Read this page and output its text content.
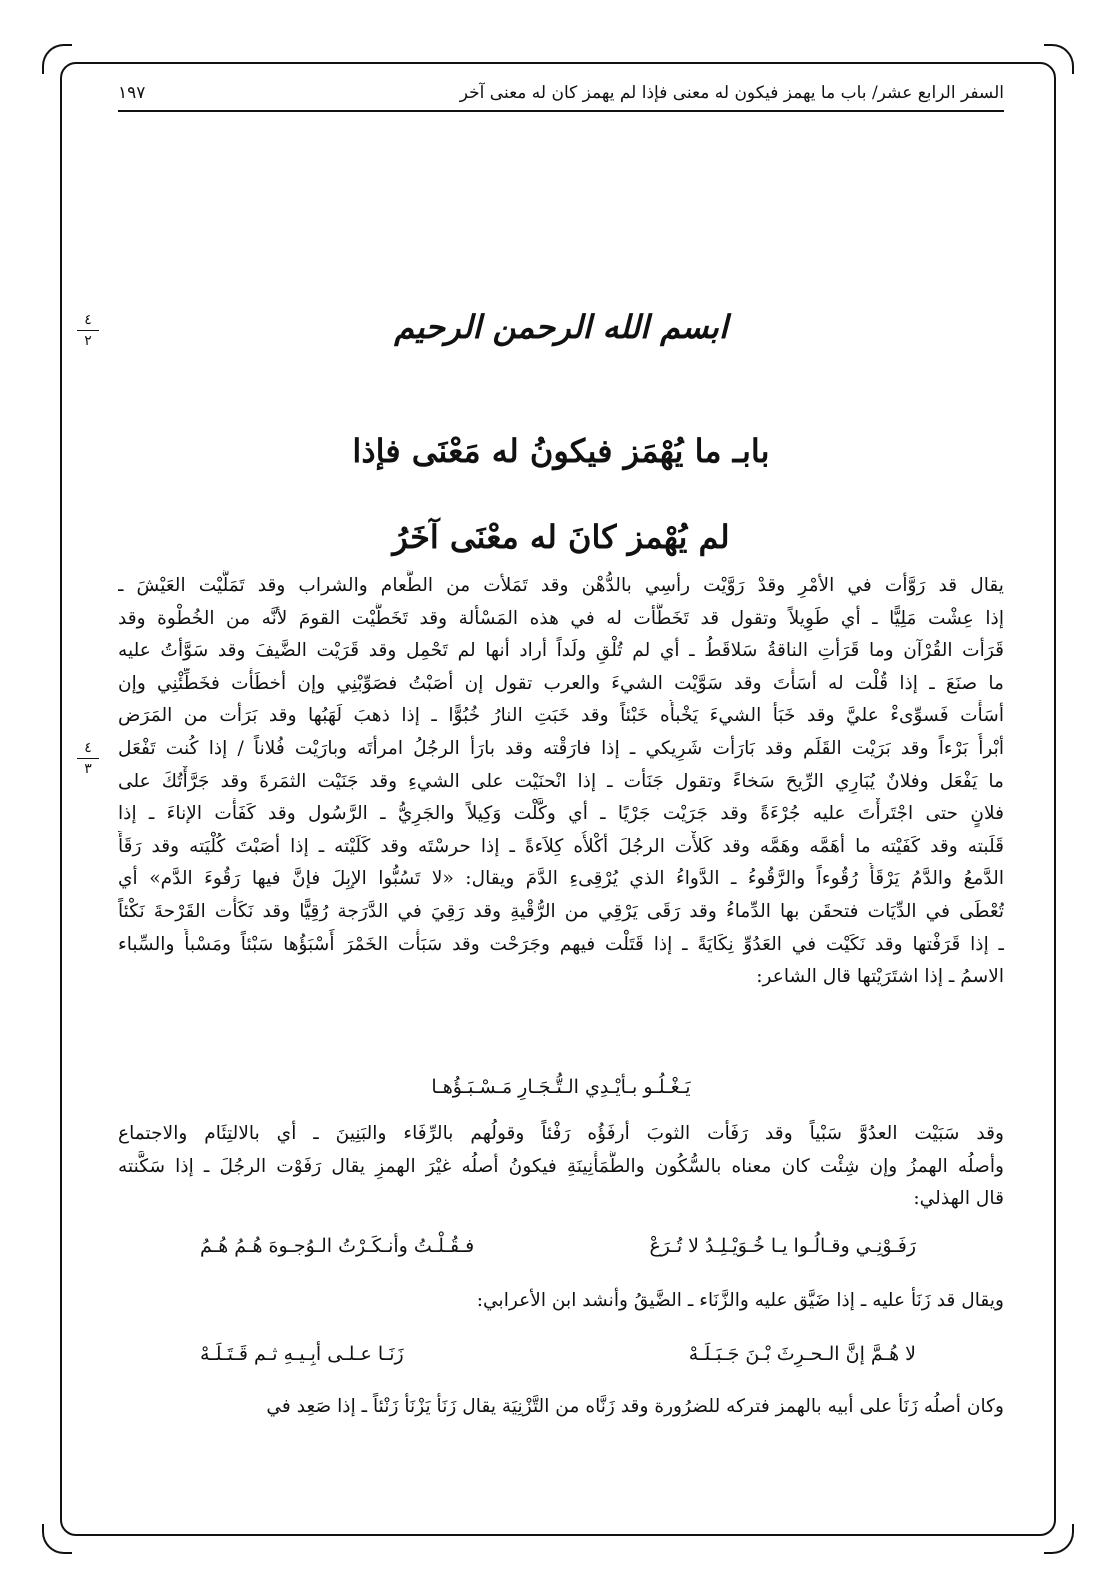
السفر الرابع عشر/ باب ما يهمز فيكون له معنى فإذا لم يهمز كان له معنى آخر
١٩٧
٤
٢
٤
٣
ابسم الله الرحمن الرحيم
بابـ ما يُهْمَز فيكونُ له مَعْنَى فإذا
لم يُهْمز كانَ له معْنَى آخَرُ
يقال قد رَوَّأت في الأمْرِ وقدْ رَوَّيْت رأسِي بالدُّهْن وقد تَمَلأت من الطَّعام والشراب وقد تَمَلَّيْت العَيْشَ ـ
إذا عِشْت مَلِيًّا ـ أي طَوِيلاً وتقول قد تَخَطَّأت له في هذه المَسْألة وقد تَخَطَّيْت القومَ لأنَّه من الخُطْوة وقد
قَرَأت القُرْآن وما قَرَأتِ الناقةُ سَلاقَطُ ـ أي لم تُلْقِ ولَداً أراد أنها لم تَحْمِل وقد قَرَيْت الضَّيفَ وقد سَوَّأتُ عليه
ما صنَعَ ـ إذا قُلْت له أسَأْتَ وقد سَوَّيْت الشيءَ والعرب تقول إن أصَبْتُ فصَوِّبْنِي وإن أخطَأْت فخَطِّئْنِي وإن
أسَأْت فَسوِّىءْ عليَّ وقد خَبَأ الشيءَ يَخْبأُه خَبْئاً وقد خَبَتِ النارُ خُبُوًّا ـ إذا ذهبَ لَهَبُها وقد بَرَأت من المَرَض
أبْرأُ بَرْءاً وقد بَرَيْت القَلَم وقد بَارَأت شَرِيكي ـ إذا فارَقْته وقد بارَأ الرجُلُ امرأتَه وبارَيْت فُلاناً / إذا كُنت تَفْعَل
ما يَفْعَل وفلانٌ يُبَارِي الرِّيحَ سَخاءً وتقول جَنَأت ـ إذا انْحنَيْت على الشيءِ وقد جَنَيْت الثمَرةَ وقد جَرَّأْتُكَ على
فلانٍ حتى اجْتَرأْتَ عليه جُرْءَةً وقد جَرَيْت جَرْيًا ـ أي وكَّلْت وَكِيلاً والجَرِيُّ ـ الرَّسُول وقد كَفَأْت الإناءَ ـ إذا
قَلَبته وقد كَفَيْته ما أهَمَّه وهَمَّه وقد كَلأْت الرجُلَ أكْلأُه كِلاَءةً ـ إذا حرسْتَه وقد كَلَيْته ـ إذا أصَبْتَ كُلْيَته وقد رَقَأَ
الدَّمعُ والدَّمُ يَرْقَأُ رُقُوءاً والرَّقُوءُ ـ الدَّواءُ الذي يُرْقِىءِ الدَّمَ ويقال: «لا تَسُبُّوا الإبِلَ فإنَّ فيها رَقُوءَ الدَّم» أي
تُعْطَى في الدِّيَات فتحقَن بها الدِّماءُ وقد رَقَى يَرْقِي من الرُّقْيةِ وقد رَقِيَ في الدَّرَجة رُقِيًّا وقد نَكَأْت القَرْحةَ نَكْئاً
ـ إذا قَرَفْتها وقد نَكَيْت في العَدُوِّ نِكَايَةً ـ إذا قَتَلْت فيهم وجَرَحْت وقد سَبَأْت الخَمْرَ أَسْبَؤُها سَبْئاً ومَسْبأً والسِّباء
الاسمُ ـ إذا اشتَرَيْتها قال الشاعر:
يَـغْـلُـو بـأيْـدِي الـتُّـجَـارِ مَـسْـبَـؤُهـا
وقد سَبَيْت العدُوَّ سَبْياً وقد رَفَأت الثوبَ أرفَؤُه رَفْئاً وقولُهم بالرِّفَاء والبَنِينَ ـ أي بالالتِئَام والاجتماع
وأصلُه الهمزُ وإن شِئْت كان معناه بالسُّكُون والطُّمَأْنِينَةِ فيكونُ أصلُه غيْرَ الهمزِ يقال رَفَوْت الرجُلَ ـ إذا سَكَّنته
قال الهذلي:
رَفَـوْنِـي وقـالُـوا يـا خُـوَيْـلِـدُ لا تُـرَعْ
فـقُـلْـتُ وأنـكَـرْتُ الـوُجـوهَ هُـمُ هُـمُ
ويقال قد زَنَأ عليه ـ إذا ضَيَّق عليه والزَّنَاء ـ الضَّيقُ وأنشد ابن الأعرابي:
لا هُـمَّ إنَّ الـحـرِثَ بْـنَ جَـبَـلَـهْ
زَنَـا عـلـى أبِـيـهِ ثـم قَـتَـلَـهْ
وكان أصلُه زَنَأ على أبيه بالهمز فتركه للضرُورة وقد زَنَّاه من التَّزْنِيَة يقال زَنَأ يَزْنَأ زَنْئاً ـ إذا صَعِد في
